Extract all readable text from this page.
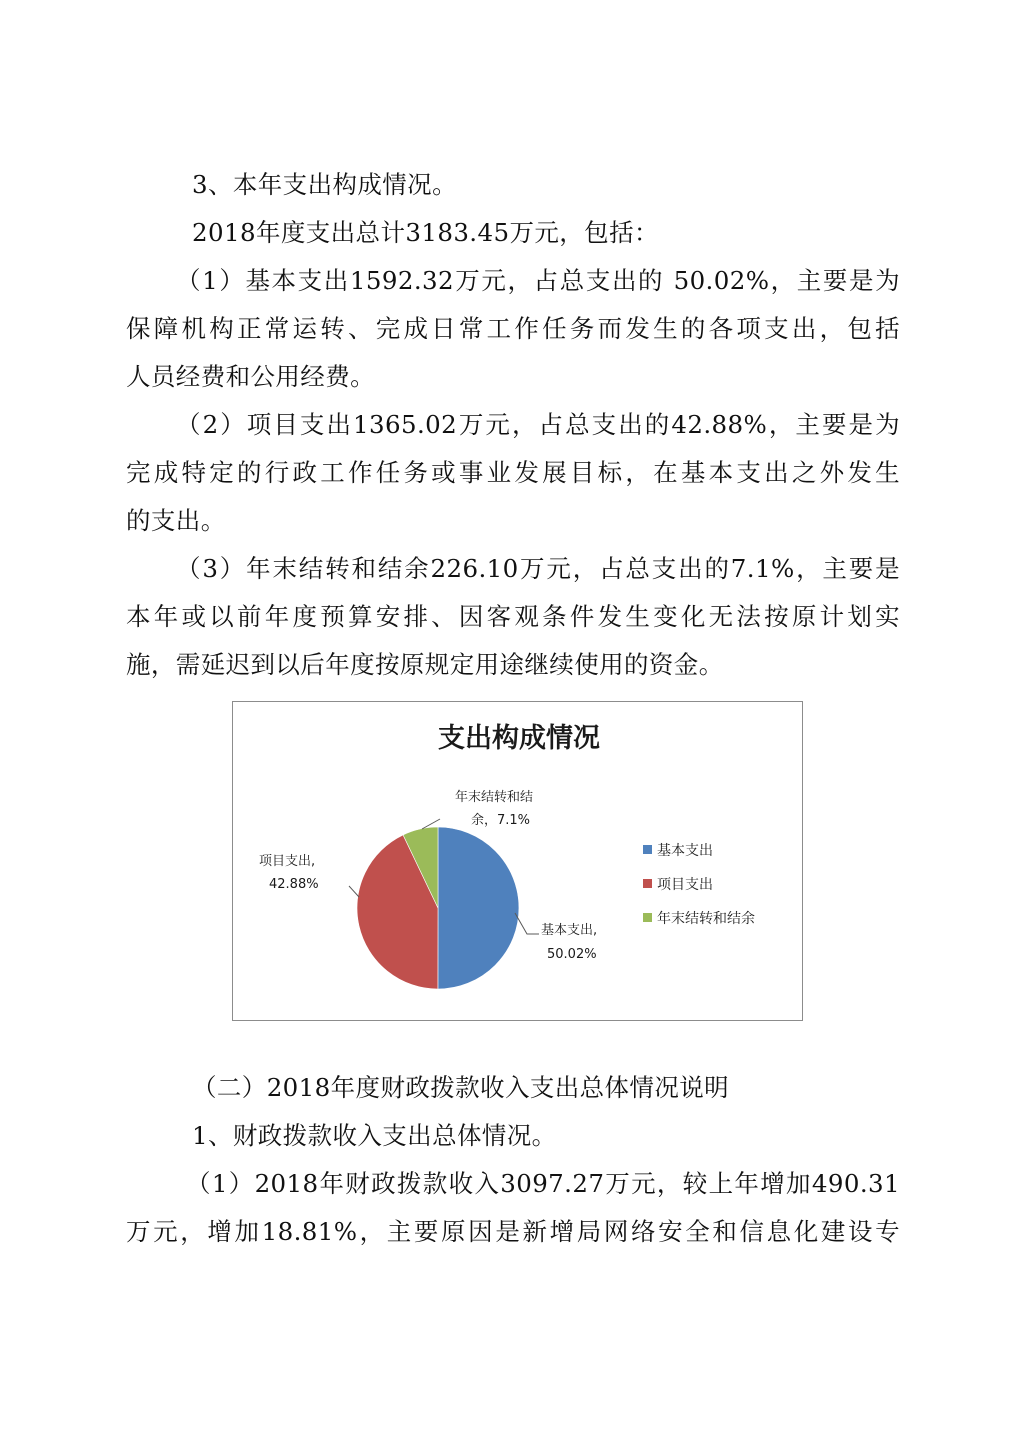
3、本年支出构成情况。
2018年度支出总计3183.45万元，包括：
（1）基本支出1592.32万元，占总支出的 50.02%，主要是为
保障机构正常运转、完成日常工作任务而发生的各项支出，包括
人员经费和公用经费。
（2）项目支出1365.02万元，占总支出的42.88%，主要是为
完成特定的行政工作任务或事业发展目标，在基本支出之外发生
的支出。
（3）年末结转和结余226.10万元，占总支出的7.1%，主要是
本年或以前年度预算安排、因客观条件发生变化无法按原计划实
施，需延迟到以后年度按原规定用途继续使用的资金。
支出构成情况
基本支出,
50.02%
项目支出,
42.88%
年末结转和结
余，7.1%
基本支出
项目支出
年末结转和结余
（二）2018年度财政拨款收入支出总体情况说明
1、财政拨款收入支出总体情况。
（1）2018年财政拨款收入3097.27万元，较上年增加490.31
万元，增加18.81%，主要原因是新增局网络安全和信息化建设专
